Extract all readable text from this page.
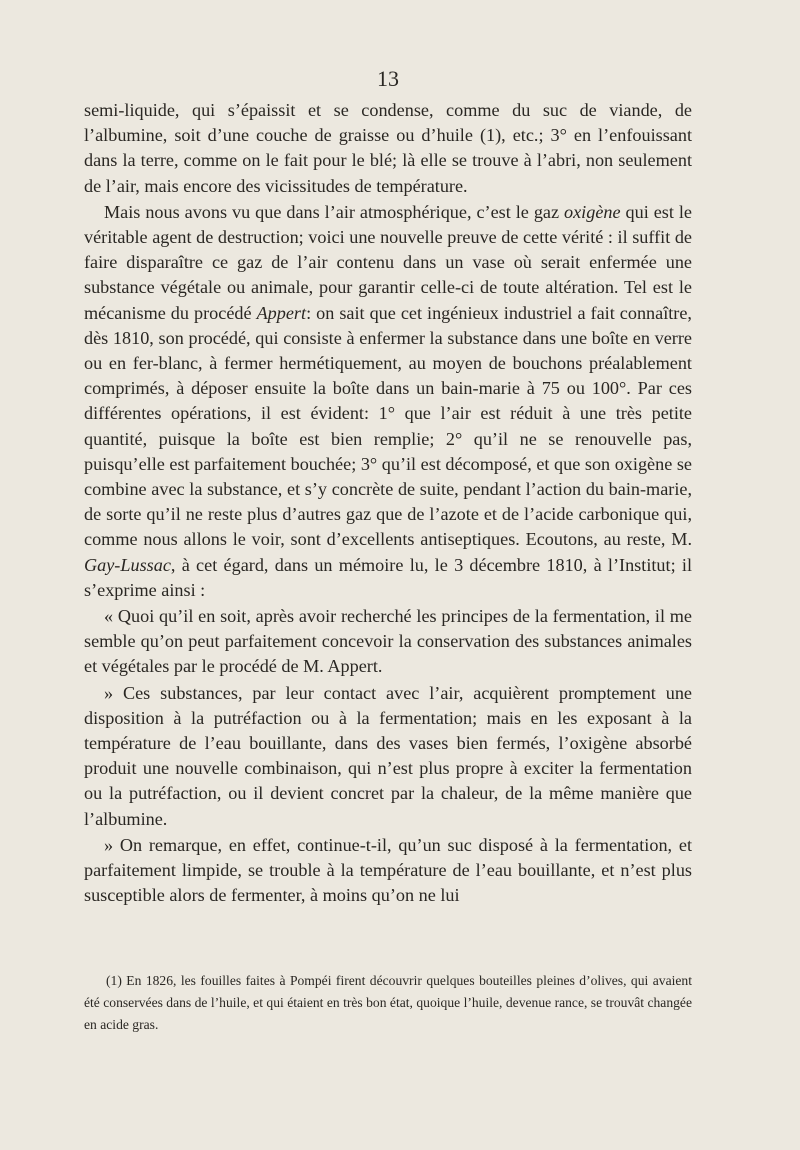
13

semi-liquide, qui s’épaissit et se condense, comme du suc de viande, de l’albumine, soit d’une couche de graisse ou d’huile (1), etc.; 3° en l’enfouissant dans la terre, comme on le fait pour le blé; là elle se trouve à l’abri, non seulement de l’air, mais encore des vicissitudes de température.

Mais nous avons vu que dans l’air atmosphérique, c’est le gaz oxigène qui est le véritable agent de destruction; voici une nouvelle preuve de cette vérité : il suffit de faire disparaître ce gaz de l’air contenu dans un vase où serait enfermée une substance végétale ou animale, pour garantir celle-ci de toute altération. Tel est le mécanisme du procédé Appert: on sait que cet ingénieux industriel a fait connaître, dès 1810, son procédé, qui consiste à enfermer la substance dans une boîte en verre ou en fer-blanc, à fermer hermétiquement, au moyen de bouchons préalablement comprimés, à déposer ensuite la boîte dans un bain-marie à 75 ou 100°. Par ces différentes opérations, il est évident: 1° que l’air est réduit à une très petite quantité, puisque la boîte est bien remplie; 2° qu’il ne se renouvelle pas, puisqu’elle est parfaitement bouchée; 3° qu’il est décomposé, et que son oxigène se combine avec la substance, et s’y concrète de suite, pendant l’action du bain-marie, de sorte qu’il ne reste plus d’autres gaz que de l’azote et de l’acide carbonique qui, comme nous allons le voir, sont d’excellents antiseptiques. Ecoutons, au reste, M. Gay-Lussac, à cet égard, dans un mémoire lu, le 3 décembre 1810, à l’Institut; il s’exprime ainsi :

« Quoi qu’il en soit, après avoir recherché les principes de la fermentation, il me semble qu’on peut parfaitement concevoir la conservation des substances animales et végétales par le procédé de M. Appert.

» Ces substances, par leur contact avec l’air, acquièrent promptement une disposition à la putréfaction ou à la fermentation; mais en les exposant à la température de l’eau bouillante, dans des vases bien fermés, l’oxigène absorbé produit une nouvelle combinaison, qui n’est plus propre à exciter la fermentation ou la putréfaction, ou il devient concret par la chaleur, de la même manière que l’albumine.

» On remarque, en effet, continue-t-il, qu’un suc disposé à la fermentation, et parfaitement limpide, se trouble à la température de l’eau bouillante, et n’est plus susceptible alors de fermenter, à moins qu’on ne lui

(1) En 1826, les fouilles faites à Pompéi firent découvrir quelques bouteilles pleines d’olives, qui avaient été conservées dans de l’huile, et qui étaient en très bon état, quoique l’huile, devenue rance, se trouvât changée en acide gras.
